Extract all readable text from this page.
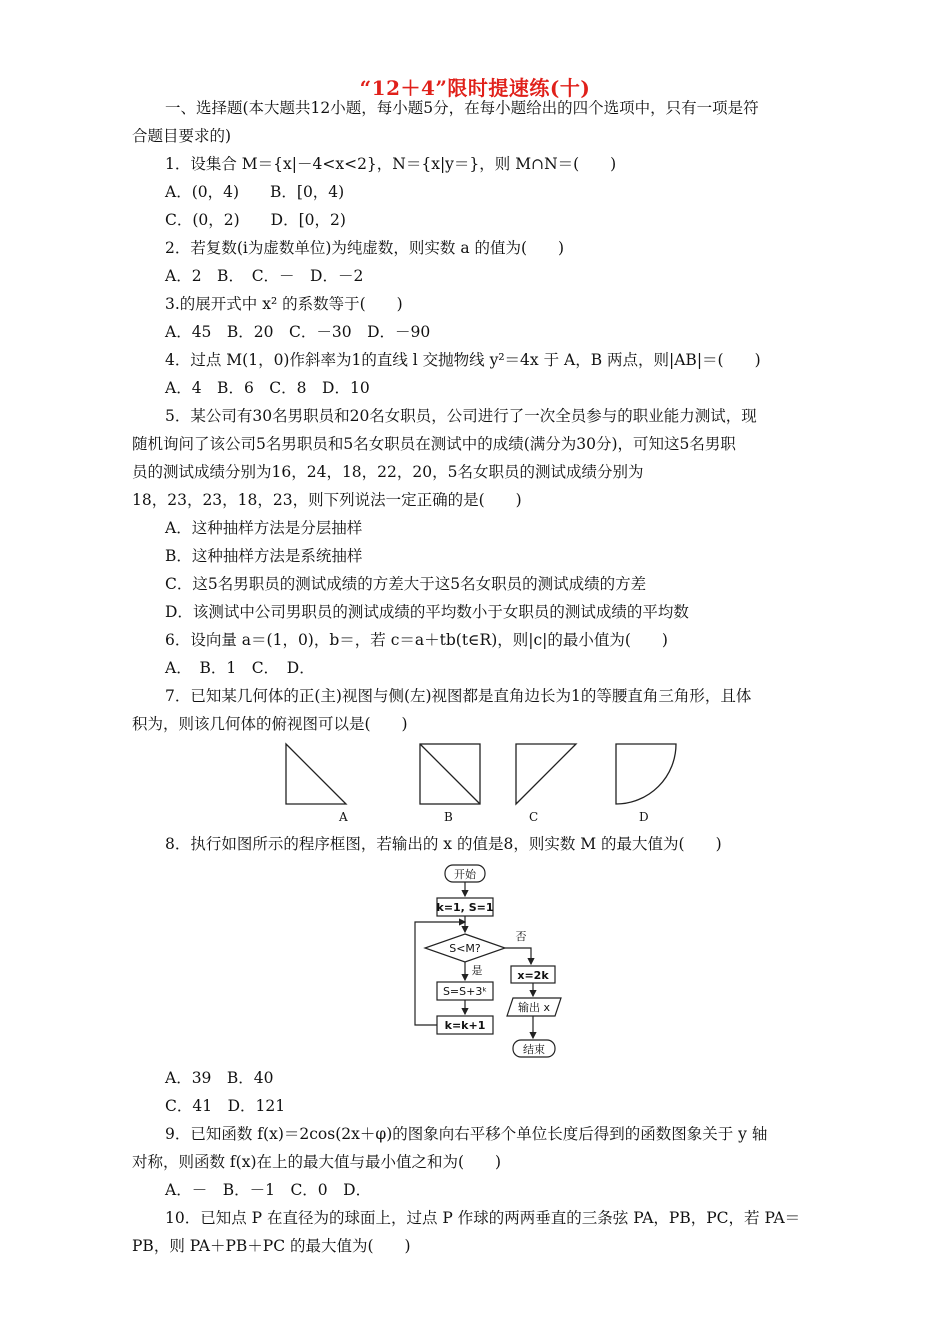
“12＋4”限时提速练(十)
一、选择题(本大题共12小题，每小题5分，在每小题给出的四个选项中，只有一项是符
合题目要求的)
1．设集合 M＝{x|－4<x<2}，N＝{x|y＝}，则 M∩N＝(　　)
A．(0，4)　　B．[0，4)
C．(0，2)　　D．[0，2)
2．若复数(i为虚数单位)为纯虚数，则实数 a 的值为(　　)
A．2　B．　C．－　D．－2
3.的展开式中 x² 的系数等于(　　)
A．45　B．20　C．－30　D．－90
4．过点 M(1，0)作斜率为1的直线 l 交抛物线 y²＝4x 于 A，B 两点，则|AB|＝(　　)
A．4　B．6　C．8　D．10
5．某公司有30名男职员和20名女职员，公司进行了一次全员参与的职业能力测试，现
随机询问了该公司5名男职员和5名女职员在测试中的成绩(满分为30分)，可知这5名男职
员的测试成绩分别为16，24，18，22，20，5名女职员的测试成绩分别为
18，23，23，18，23，则下列说法一定正确的是(　　)
A．这种抽样方法是分层抽样
B．这种抽样方法是系统抽样
C．这5名男职员的测试成绩的方差大于这5名女职员的测试成绩的方差
D．该测试中公司男职员的测试成绩的平均数小于女职员的测试成绩的平均数
6．设向量 a＝(1，0)，b＝，若 c＝a＋tb(t∈R)，则|c|的最小值为(　　)
A．　B．1　C．　D．
7．已知某几何体的正(主)视图与侧(左)视图都是直角边长为1的等腰直角三角形，且体
积为，则该几何体的俯视图可以是(　　)
A	B	C	D
8．执行如图所示的程序框图，若输出的 x 的值是8，则实数 M 的最大值为(　　)
开始
k=1, S=1
S<M?
否
是
S=S+3ᵏ
k=k+1
x=2k
输出 x
结束
A．39　B．40
C．41　D．121
9．已知函数 f(x)＝2cos(2x＋φ)的图象向右平移个单位长度后得到的函数图象关于 y 轴
对称，则函数 f(x)在上的最大值与最小值之和为(　　)
A．－　B．－1　C．0　D．
10．已知点 P 在直径为的球面上，过点 P 作球的两两垂直的三条弦 PA，PB，PC，若 PA＝
PB，则 PA＋PB＋PC 的最大值为(　　)
